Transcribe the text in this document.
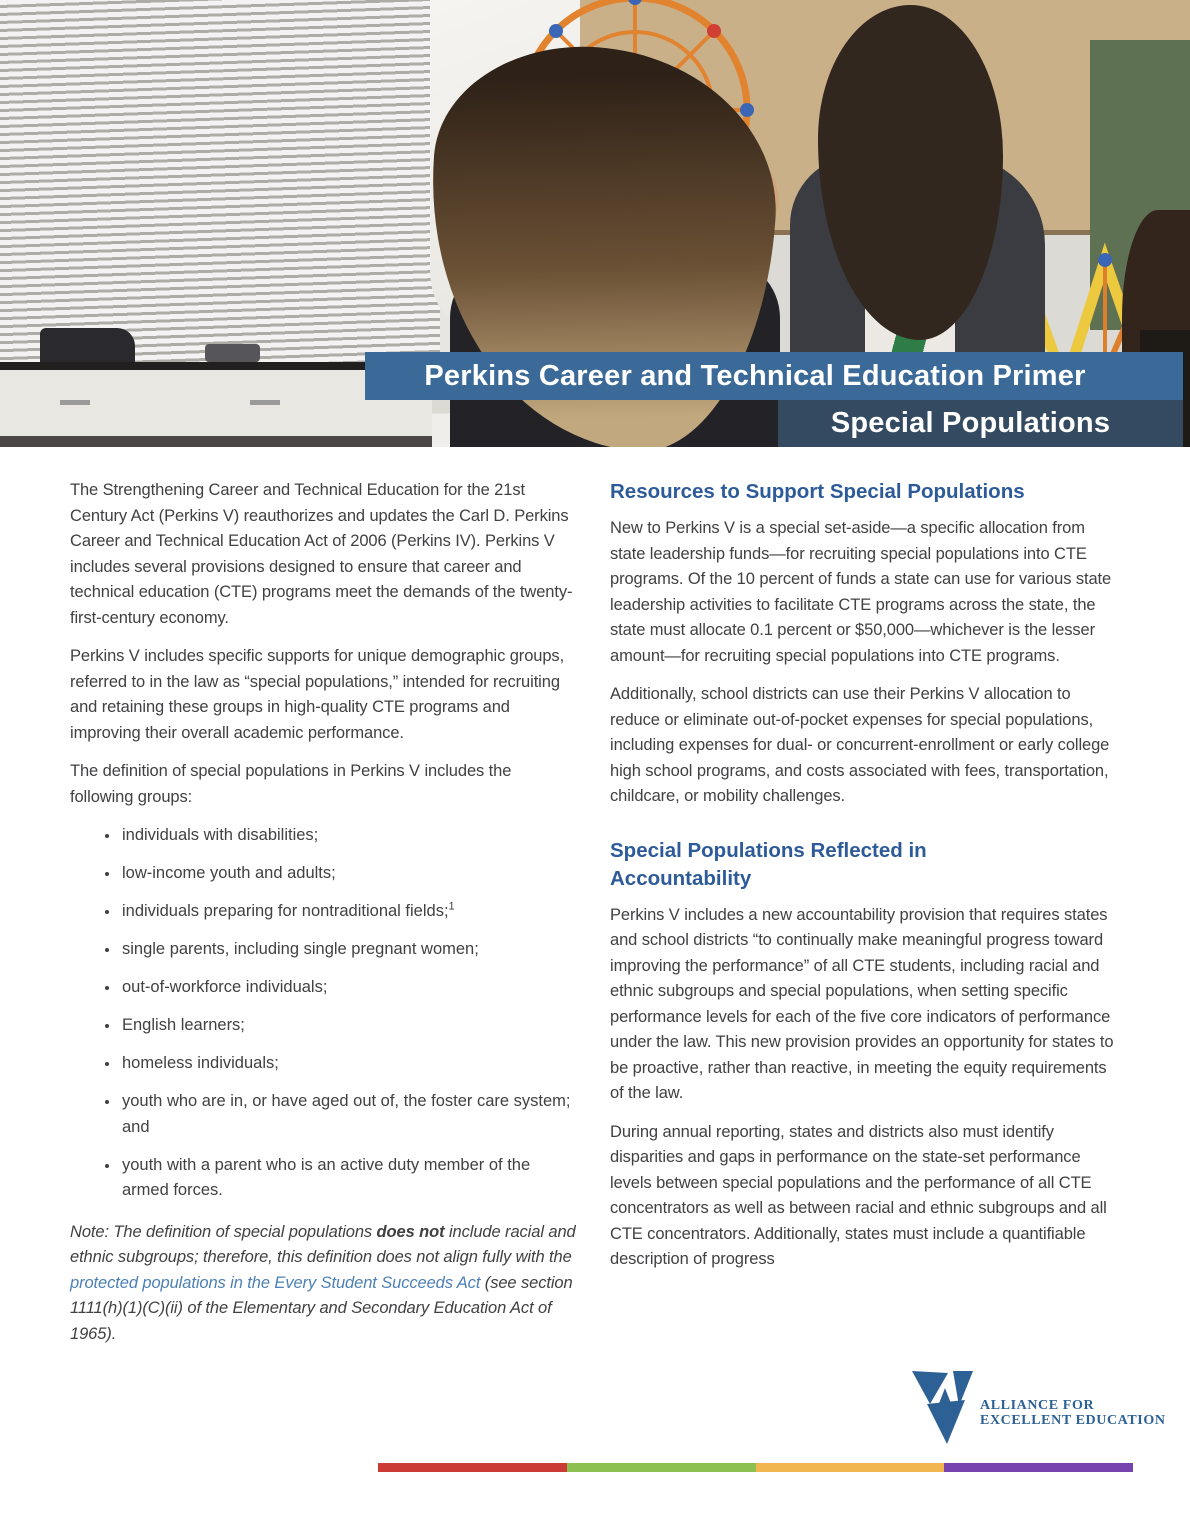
Perkins Career and Technical Education Primer
Special Populations

The Strengthening Career and Technical Education for the 21st Century Act (Perkins V) reauthorizes and updates the Carl D. Perkins Career and Technical Education Act of 2006 (Perkins IV). Perkins V includes several provisions designed to ensure that career and technical education (CTE) programs meet the demands of the twenty-first-century economy.

Perkins V includes specific supports for unique demographic groups, referred to in the law as “special populations,” intended for recruiting and retaining these groups in high-quality CTE programs and improving their overall academic performance.

The definition of special populations in Perkins V includes the following groups:

• individuals with disabilities;
• low-income youth and adults;
• individuals preparing for nontraditional fields;$^1$
• single parents, including single pregnant women;
• out-of-workforce individuals;
• English learners;
• homeless individuals;
• youth who are in, or have aged out of, the foster care system; and
• youth with a parent who is an active duty member of the armed forces.

Note: The definition of special populations does not include racial and ethnic subgroups; therefore, this definition does not align fully with the protected populations in the Every Student Succeeds Act (see section 1111(h)(1)(C)(ii) of the Elementary and Secondary Education Act of 1965).

Resources to Support Special Populations

New to Perkins V is a special set-aside—a specific allocation from state leadership funds—for recruiting special populations into CTE programs. Of the 10 percent of funds a state can use for various state leadership activities to facilitate CTE programs across the state, the state must allocate 0.1 percent or $50,000—whichever is the lesser amount—for recruiting special populations into CTE programs.

Additionally, school districts can use their Perkins V allocation to reduce or eliminate out-of-pocket expenses for special populations, including expenses for dual- or concurrent-enrollment or early college high school programs, and costs associated with fees, transportation, childcare, or mobility challenges.

Special Populations Reflected in Accountability

Perkins V includes a new accountability provision that requires states and school districts “to continually make meaningful progress toward improving the performance” of all CTE students, including racial and ethnic subgroups and special populations, when setting specific performance levels for each of the five core indicators of performance under the law. This new provision provides an opportunity for states to be proactive, rather than reactive, in meeting the equity requirements of the law.

During annual reporting, states and districts also must identify disparities and gaps in performance on the state-set performance levels between special populations and the performance of all CTE concentrators as well as between racial and ethnic subgroups and all CTE concentrators. Additionally, states must include a quantifiable description of progress

ALLIANCE FOR
EXCELLENT EDUCATION
